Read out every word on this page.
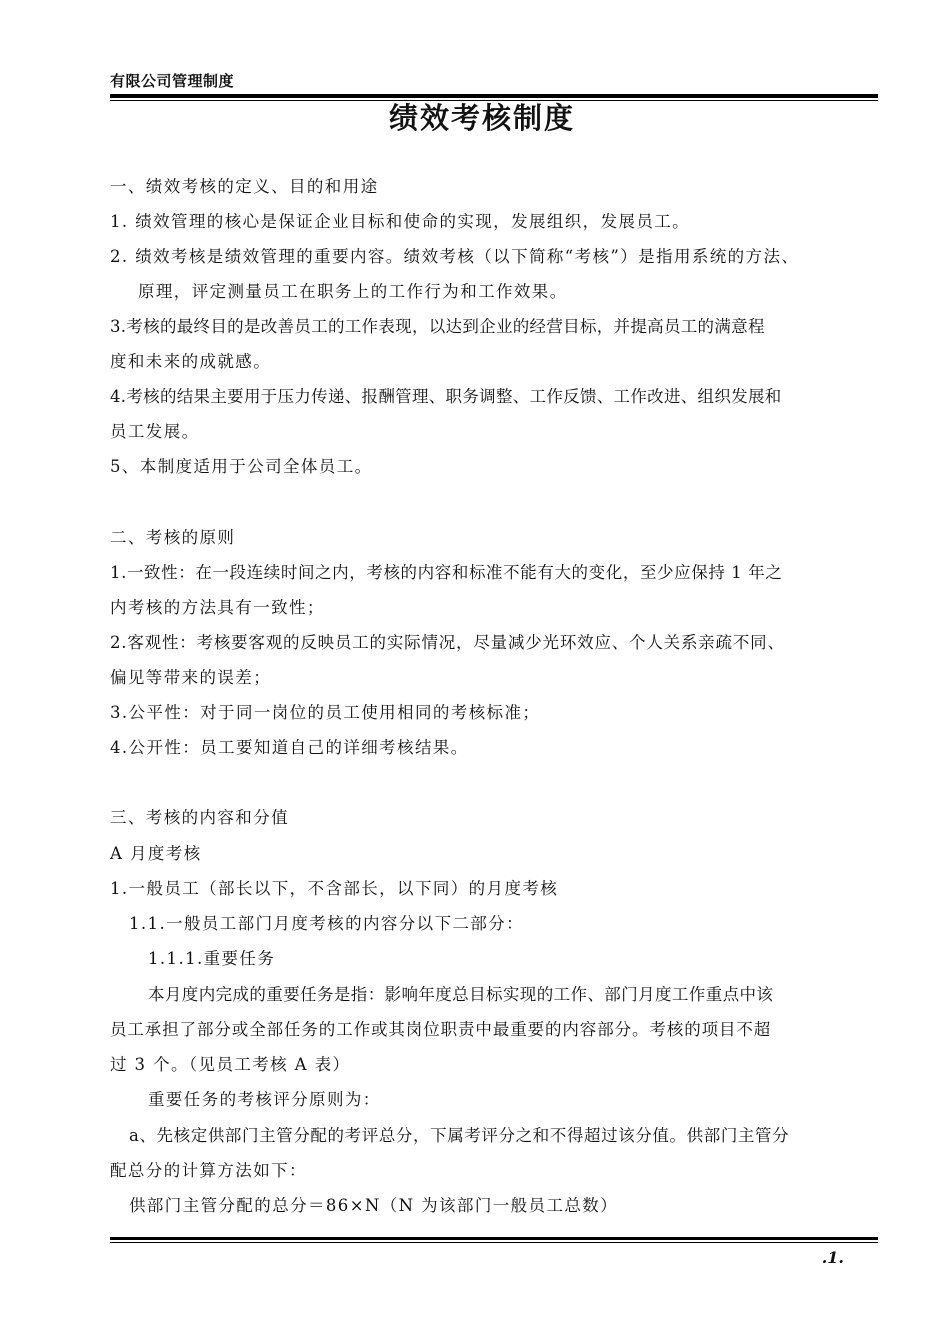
有限公司管理制度
绩效考核制度
一、绩效考核的定义、目的和用途
1. 绩效管理的核心是保证企业目标和使命的实现，发展组织，发展员工。
2. 绩效考核是绩效管理的重要内容。绩效考核（以下简称“考核”）是指用系统的方法、
原理，评定测量员工在职务上的工作行为和工作效果。
3.考核的最终目的是改善员工的工作表现，以达到企业的经营目标，并提高员工的满意程
度和未来的成就感。
4.考核的结果主要用于压力传递、报酬管理、职务调整、工作反馈、工作改进、组织发展和
员工发展。
5、本制度适用于公司全体员工。
二、考核的原则
1.一致性：在一段连续时间之内，考核的内容和标准不能有大的变化，至少应保持 1 年之
内考核的方法具有一致性；
2.客观性：考核要客观的反映员工的实际情况，尽量减少光环效应、个人关系亲疏不同、
偏见等带来的误差；
3.公平性：对于同一岗位的员工使用相同的考核标准；
4.公开性：员工要知道自己的详细考核结果。
三、考核的内容和分值
A 月度考核
1.一般员工（部长以下，不含部长，以下同）的月度考核
1.1.一般员工部门月度考核的内容分以下二部分：
1.1.1.重要任务
本月度内完成的重要任务是指：影响年度总目标实现的工作、部门月度工作重点中该
员工承担了部分或全部任务的工作或其岗位职责中最重要的内容部分。考核的项目不超
过 3 个。（见员工考核 A 表）
重要任务的考核评分原则为：
a、先核定供部门主管分配的考评总分，下属考评分之和不得超过该分值。供部门主管分
配总分的计算方法如下：
供部门主管分配的总分＝86×N（N 为该部门一般员工总数）
.1.
